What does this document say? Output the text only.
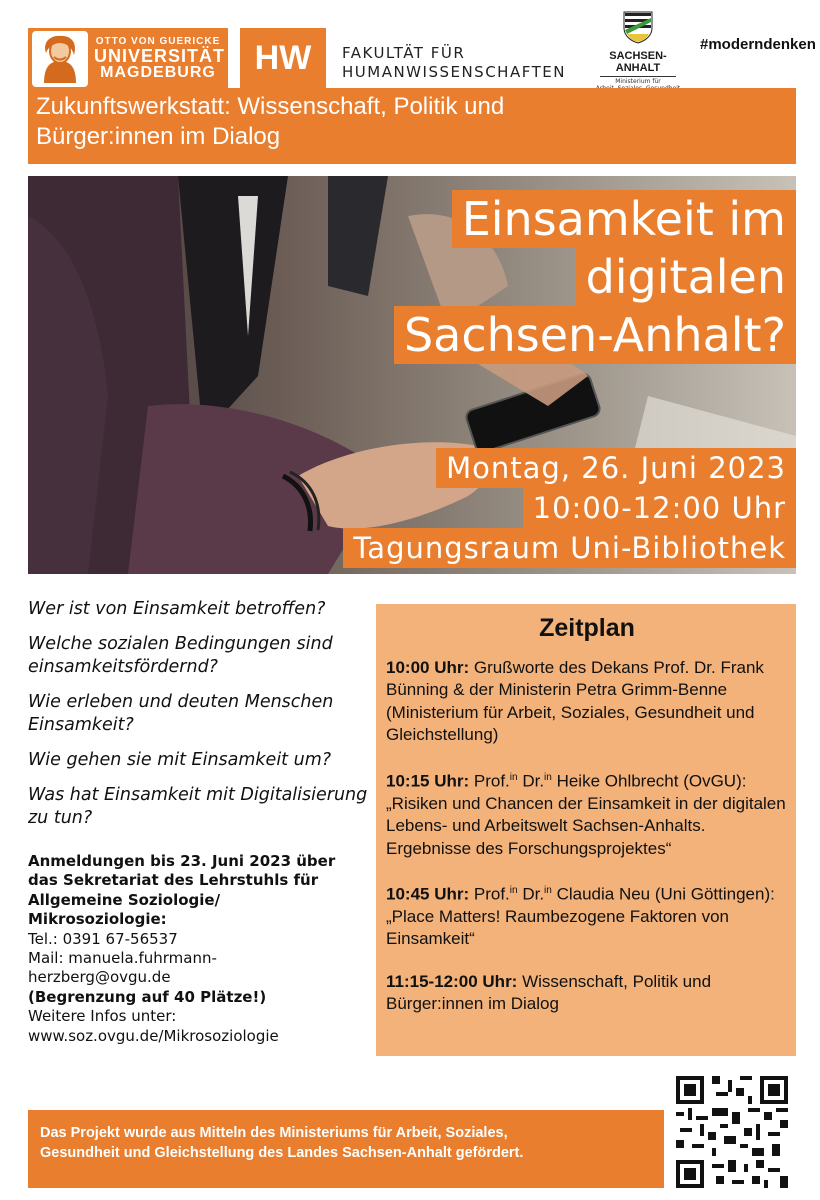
OTTO VON GUERICKE
UNIVERSITÄT
MAGDEBURG	HW	FAKULTÄT FÜR
HUMANWISSENSCHAFTEN
SACHSEN-ANHALT
Ministerium für
#moderndenken
Zukunftswerkstatt: Wissenschaft, Politik und
Bürger:innen im Dialog
Einsamkeit im
digitalen
Sachsen-Anhalt?
Montag, 26. Juni 2023
10:00-12:00 Uhr
Tagungsraum Uni-Bibliothek

Wer ist von Einsamkeit betroffen?

Welche sozialen Bedingungen sind einsamkeitsfördernd?

Wie erleben und deuten Menschen Einsamkeit?

Wie gehen sie mit Einsamkeit um?

Was hat Einsamkeit mit Digitalisierung zu tun?

Anmeldungen bis 23. Juni 2023 über
das Sekretariat des Lehrstuhls für
Allgemeine Soziologie/
Mikrosoziologie:
Tel.: 0391 67-56537
Mail: manuela.fuhrmann-
herzberg@ovgu.de
(Begrenzung auf 40 Plätze!)
Weitere Infos unter:
www.soz.ovgu.de/Mikrosoziologie
Zeitplan
10:00 Uhr: Grußworte des Dekans Prof. Dr. Frank Bünning & der Ministerin Petra Grimm-Benne (Ministerium für Arbeit, Soziales, Gesundheit und Gleichstellung)
10:15 Uhr: Prof.$^{in}$ Dr.$^{in}$ Heike Ohlbrecht (OvGU): „Risiken und Chancen der Einsamkeit in der digitalen Lebens- und Arbeitswelt Sachsen-Anhalts. Ergebnisse des Forschungsprojektes“
10:45 Uhr: Prof.$^{in}$ Dr.$^{in}$ Claudia Neu (Uni Göttingen): „Place Matters! Raumbezogene Faktoren von Einsamkeit“
11:15-12:00 Uhr: Wissenschaft, Politik und Bürger:innen im Dialog
Das Projekt wurde aus Mitteln des Ministeriums für Arbeit, Soziales,
Gesundheit und Gleichstellung des Landes Sachsen-Anhalt gefördert.
